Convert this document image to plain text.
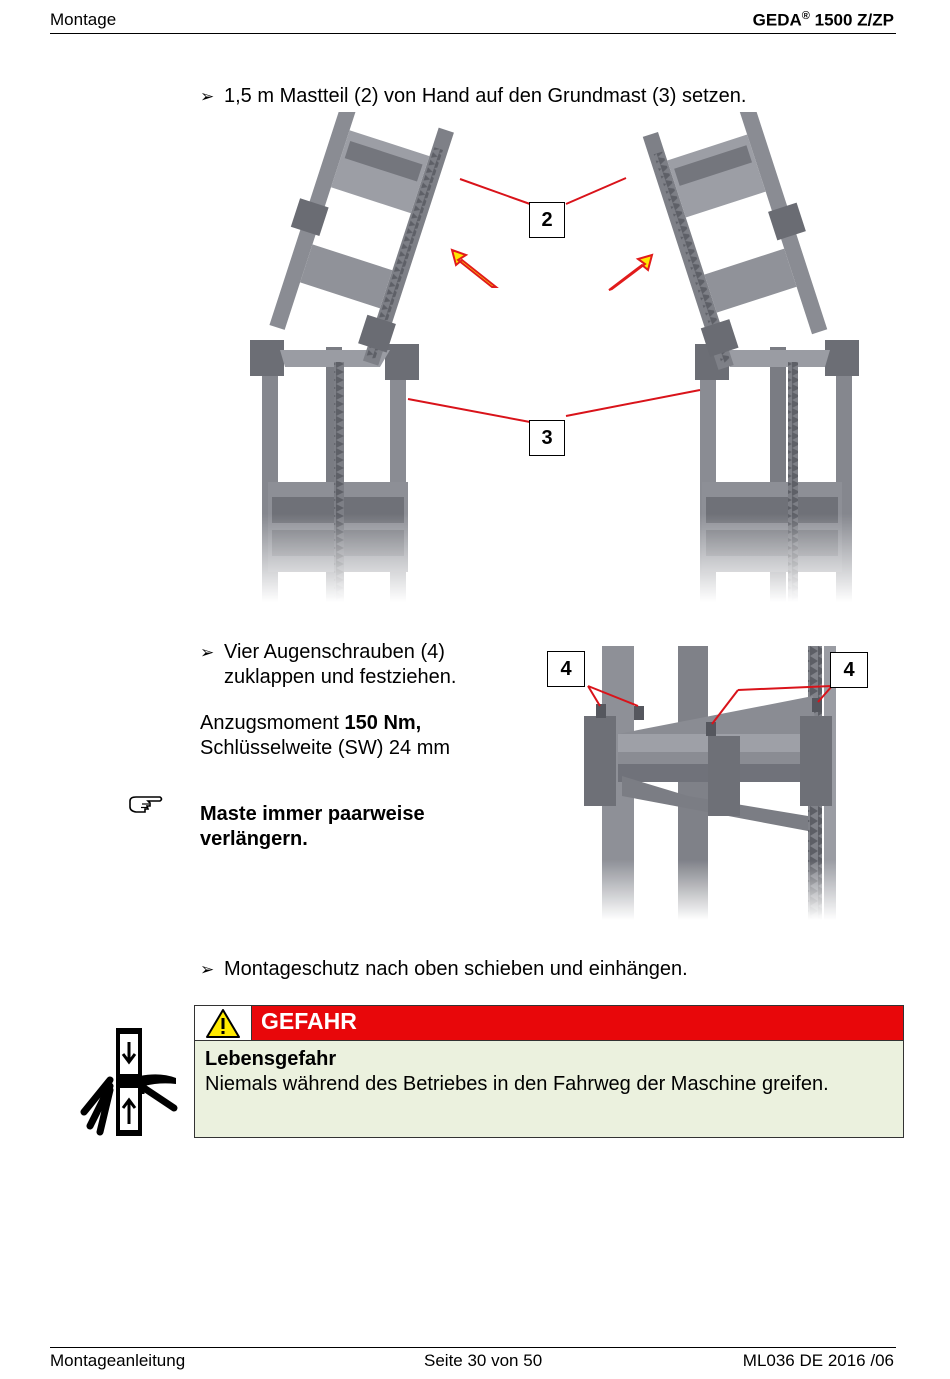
Montage	GEDA® 1500 Z/ZP
➢ 1,5 m Mastteil (2) von Hand auf den Grundmast (3) setzen.
2
3
➢ Vier Augenschrauben (4)
zuklappen und festziehen.
Anzugsmoment 150 Nm,
Schlüsselweite (SW) 24 mm
Maste immer paarweise
verlängern.
4	4
➢ Montageschutz nach oben schieben und einhängen.
GEFAHR
Lebensgefahr
Niemals während des Betriebes in den Fahrweg der Maschine greifen.
Montageanleitung	Seite 30 von 50	ML036 DE 2016 /06
